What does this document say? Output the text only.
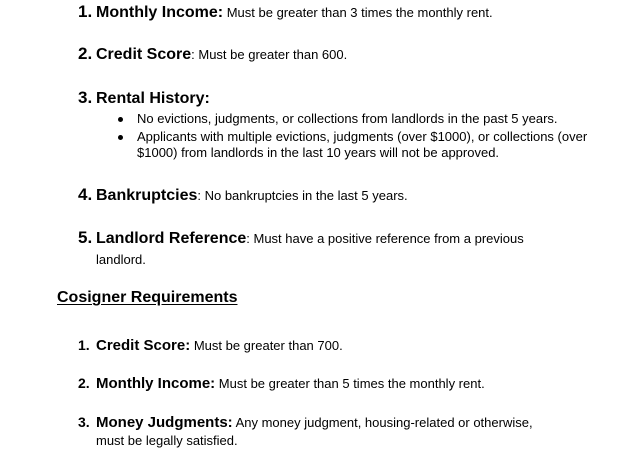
1. Monthly Income: Must be greater than 3 times the monthly rent.
2. Credit Score: Must be greater than 600.
3. Rental History:
No evictions, judgments, or collections from landlords in the past 5 years.
Applicants with multiple evictions, judgments (over $1000), or collections (over $1000) from landlords in the last 10 years will not be approved.
4. Bankruptcies: No bankruptcies in the last 5 years.
5. Landlord Reference: Must have a positive reference from a previous
landlord.
Cosigner Requirements
1. Credit Score: Must be greater than 700.
2. Monthly Income: Must be greater than 5 times the monthly rent.
3. Money Judgments: Any money judgment, housing-related or otherwise,
must be legally satisfied.
